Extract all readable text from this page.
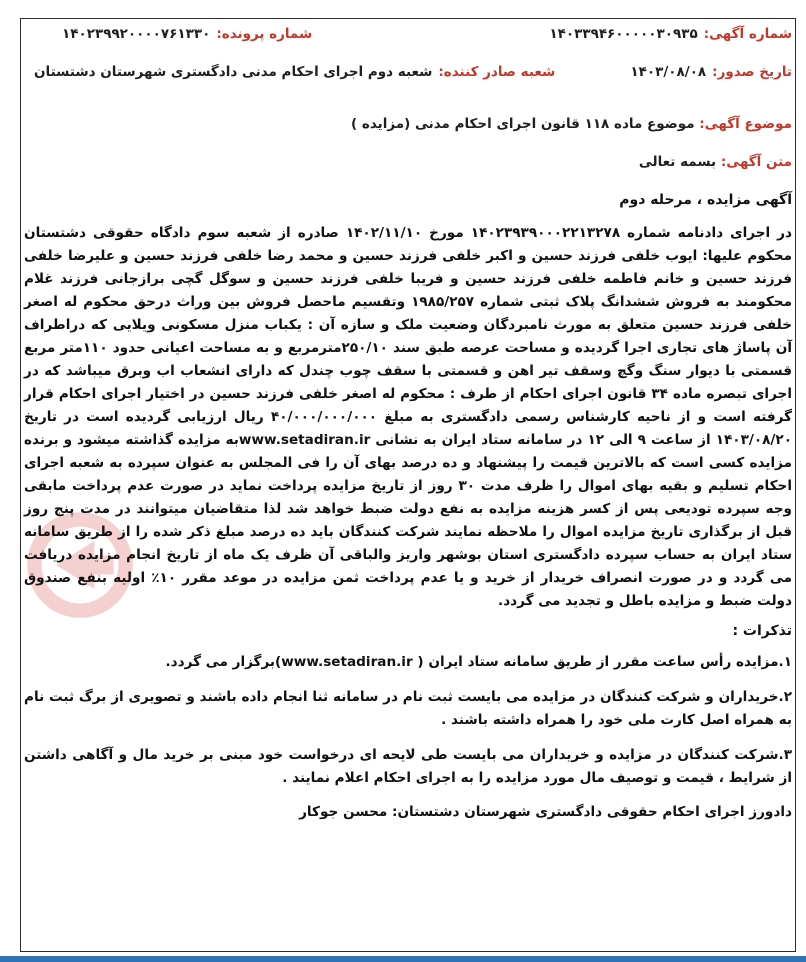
شماره آگهی:
۱۴۰۳۳۹۴۶۰۰۰۰۰۳۰۹۳۵
شماره پرونده:
۱۴۰۲۳۹۹۲۰۰۰۰۷۶۱۳۳۰
تاریخ صدور:
۱۴۰۳/۰۸/۰۸
شعبه صادر کننده:
شعبه دوم اجرای احکام مدنی دادگستری شهرستان دشتستان
موضوع آگهی: موضوع ماده ۱۱۸ قانون اجرای احکام مدنی (مزایده )
متن آگهی: بسمه تعالی
آگهی مزایده ، مرحله دوم
در اجرای دادنامه شماره ۱۴۰۲۳۹۳۹۰۰۰۲۲۱۳۲۷۸ مورخ ۱۴۰۲/۱۱/۱۰ صادره از شعبه سوم دادگاه حقوقی دشتستان محکوم علیها: ایوب خلفی فرزند حسین و اکبر خلفی فرزند حسین و محمد رضا خلفی فرزند حسین و علیرضا خلفی فرزند حسین و خانم فاطمه خلفی فرزند حسین و فریبا خلفی فرزند حسین و سوگل گچی برازجانی فرزند غلام محکومند به فروش ششدانگ پلاک ثبتی شماره ۱۹۸۵/۲۵۷ وتقسیم ماحصل فروش بین وراث درحق محکوم له اصغر خلفی فرزند حسین متعلق به مورث نامبردگان وضعیت ملک و سازه آن : یکباب منزل مسکونی ویلایی که دراطراف آن پاساژ های تجاری اجرا گردیده و مساحت عرصه طبق سند ۲۵۰/۱۰مترمربع و به مساحت اعیانی حدود ۱۱۰متر مربع قسمتی با دیوار سنگ وگچ وسقف تیر اهن و قسمتی با سقف چوب چندل که دارای انشعاب اب وبرق میباشد که در اجرای تبصره ماده ۳۴ قانون اجرای احکام از طرف : محکوم له اصغر خلفی فرزند حسین در اختیار اجرای احکام قرار گرفته است و از ناحیه کارشناس رسمی دادگستری به مبلغ ۴۰/۰۰۰/۰۰۰/۰۰۰ ریال ارزیابی گردیده است در تاریخ ۱۴۰۳/۰۸/۲۰ از ساعت ۹ الی ۱۲ در سامانه ستاد ایران به نشانی www.setadiran.irبه مزایده گذاشته میشود و برنده مزایده کسی است که بالاترین قیمت را پیشنهاد و ده درصد بهای آن را فی المجلس به عنوان سپرده به شعبه اجرای احکام تسلیم و بقیه بهای اموال را ظرف مدت ۳۰ روز از تاریخ مزایده پرداخت نماید در صورت عدم پرداخت مابقی وجه سپرده تودیعی پس از کسر هزینه مزایده به نفع دولت ضبط خواهد شد لذا متقاضیان میتوانند در مدت پنج روز قبل از برگذاری تاریخ مزایده اموال را ملاحظه نمایند شرکت کنندگان باید ده درصد مبلغ ذکر شده را از طریق سامانه ستاد ایران به حساب سپرده دادگستری استان بوشهر واریز والباقی آن ظرف یک ماه از تاریخ انجام مزایده دریافت می گردد و در صورت انصراف خریدار از خرید و یا عدم پرداخت ثمن مزایده در موعد مقرر ۱۰٪ اولیه بنفع صندوق دولت ضبط و مزایده باطل و تجدید می گردد.
تذکرات :
۱.مزایده رأس ساعت مقرر از طریق سامانه ستاد ایران ( www.setadiran.ir)برگزار می گردد.
۲.خریداران و شرکت کنندگان در مزایده می بایست ثبت نام در سامانه ثنا انجام داده باشند و تصویری از برگ ثبت نام به همراه اصل کارت ملی خود را همراه داشته باشند .
۳.شرکت کنندگان در مزایده و خریداران می بایست طی لایحه ای درخواست خود مبنی بر خرید مال و آگاهی داشتن از شرایط ، قیمت و توصیف مال مورد مزایده را به اجرای احکام اعلام نمایند .
دادورز اجرای احکام حقوقی دادگستری شهرستان دشتستان: محسن جوکار
